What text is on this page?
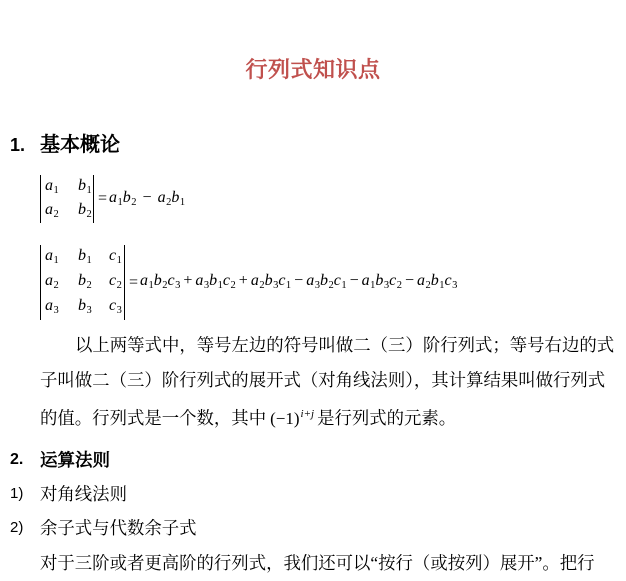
行列式知识点
1. 基本概论
$a_1$	$b_1$
$a_2$	$b_2$
= $a_1b_2 - a_2b_1$
$a_1$	$b_1$	$c_1$
$a_2$	$b_2$	$c_2$
$a_3$	$b_3$	$c_3$
= $a_1b_2c_3 + a_3b_1c_2 + a_2b_3c_1 - a_3b_2c_1 - a_1b_3c_2 - a_2b_1c_3$
以上两等式中，等号左边的符号叫做二（三）阶行列式；等号右边的式
子叫做二（三）阶行列式的展开式（对角线法则），其计算结果叫做行列式
的值。行列式是一个数，其中 $(-1)^{i+j}$ 是行列式的元素。
2. 运算法则
1) 对角线法则
2) 余子式与代数余子式
对于三阶或者更高阶的行列式，我们还可以“按行（或按列）展开”。把行
